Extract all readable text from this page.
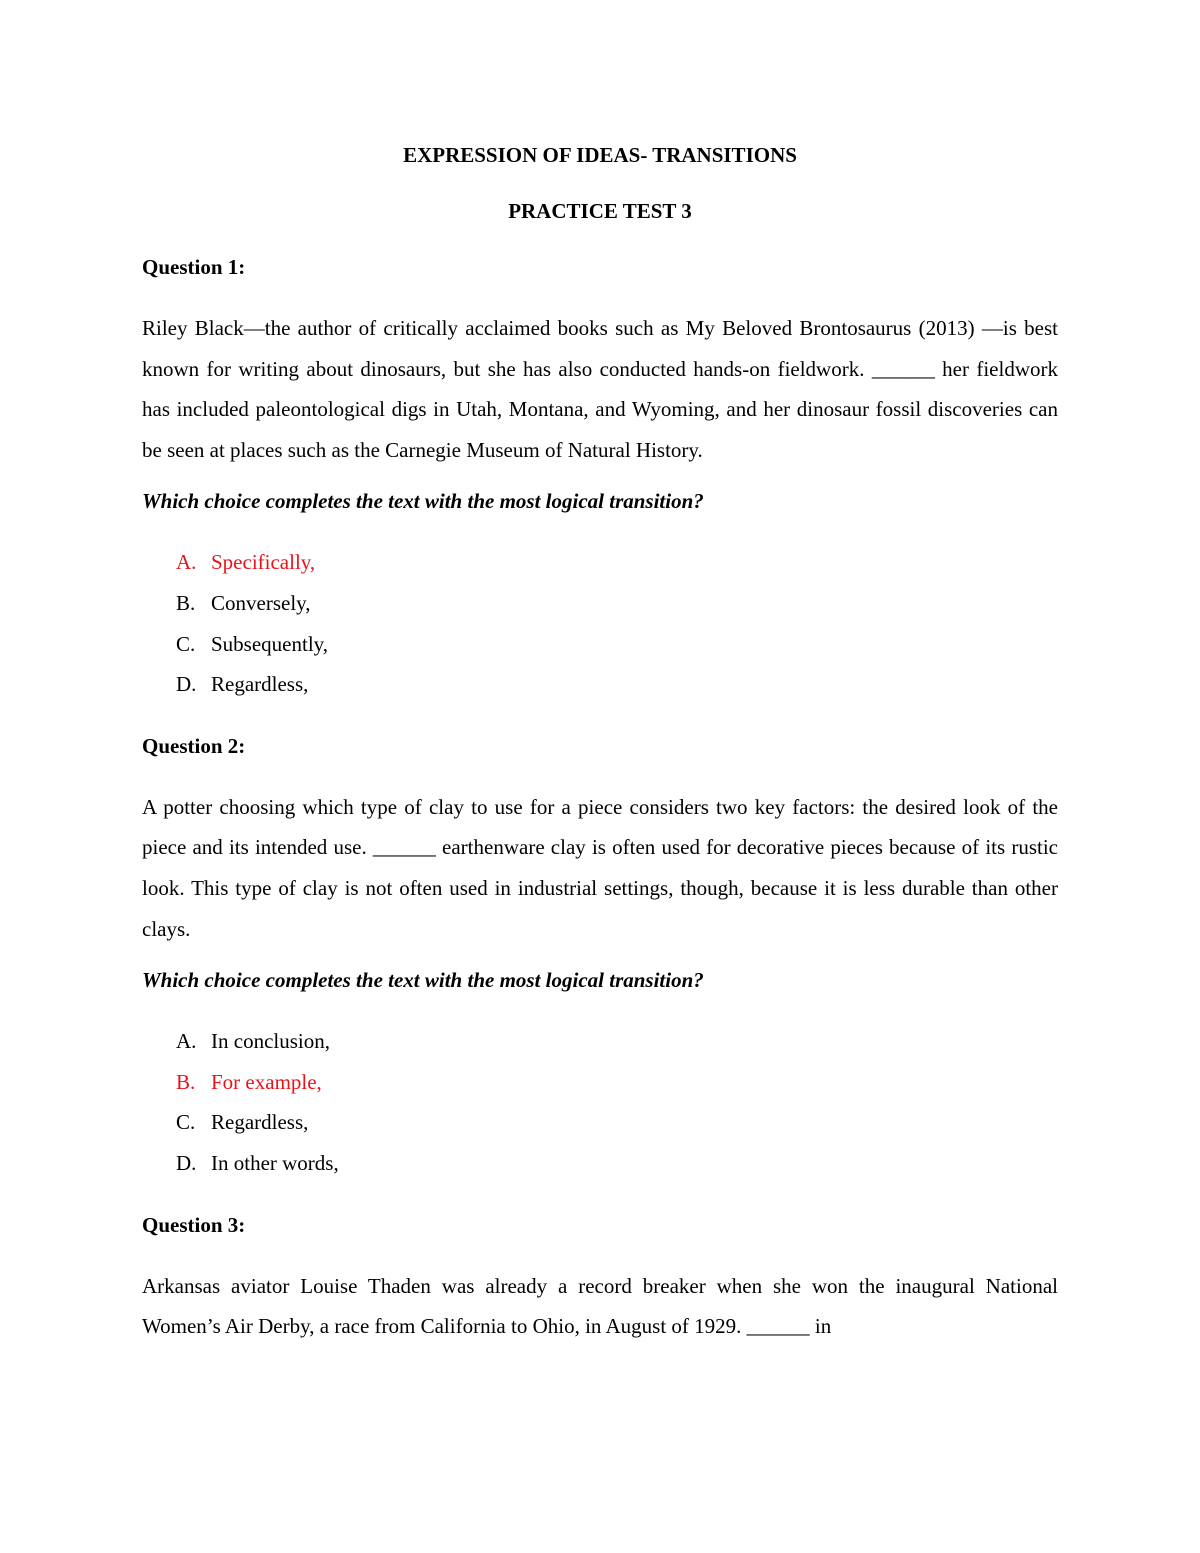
EXPRESSION OF IDEAS- TRANSITIONS

PRACTICE TEST 3

Question 1:

Riley Black—the author of critically acclaimed books such as My Beloved Brontosaurus (2013) —is best known for writing about dinosaurs, but she has also conducted hands-on fieldwork. ______ her fieldwork has included paleontological digs in Utah, Montana, and Wyoming, and her dinosaur fossil discoveries can be seen at places such as the Carnegie Museum of Natural History.

Which choice completes the text with the most logical transition?

A. Specifically,
B. Conversely,
C. Subsequently,
D. Regardless,

Question 2:

A potter choosing which type of clay to use for a piece considers two key factors: the desired look of the piece and its intended use. ______ earthenware clay is often used for decorative pieces because of its rustic look. This type of clay is not often used in industrial settings, though, because it is less durable than other clays.

Which choice completes the text with the most logical transition?

A. In conclusion,
B. For example,
C. Regardless,
D. In other words,

Question 3:

Arkansas aviator Louise Thaden was already a record breaker when she won the inaugural National Women’s Air Derby, a race from California to Ohio, in August of 1929. ______ in
